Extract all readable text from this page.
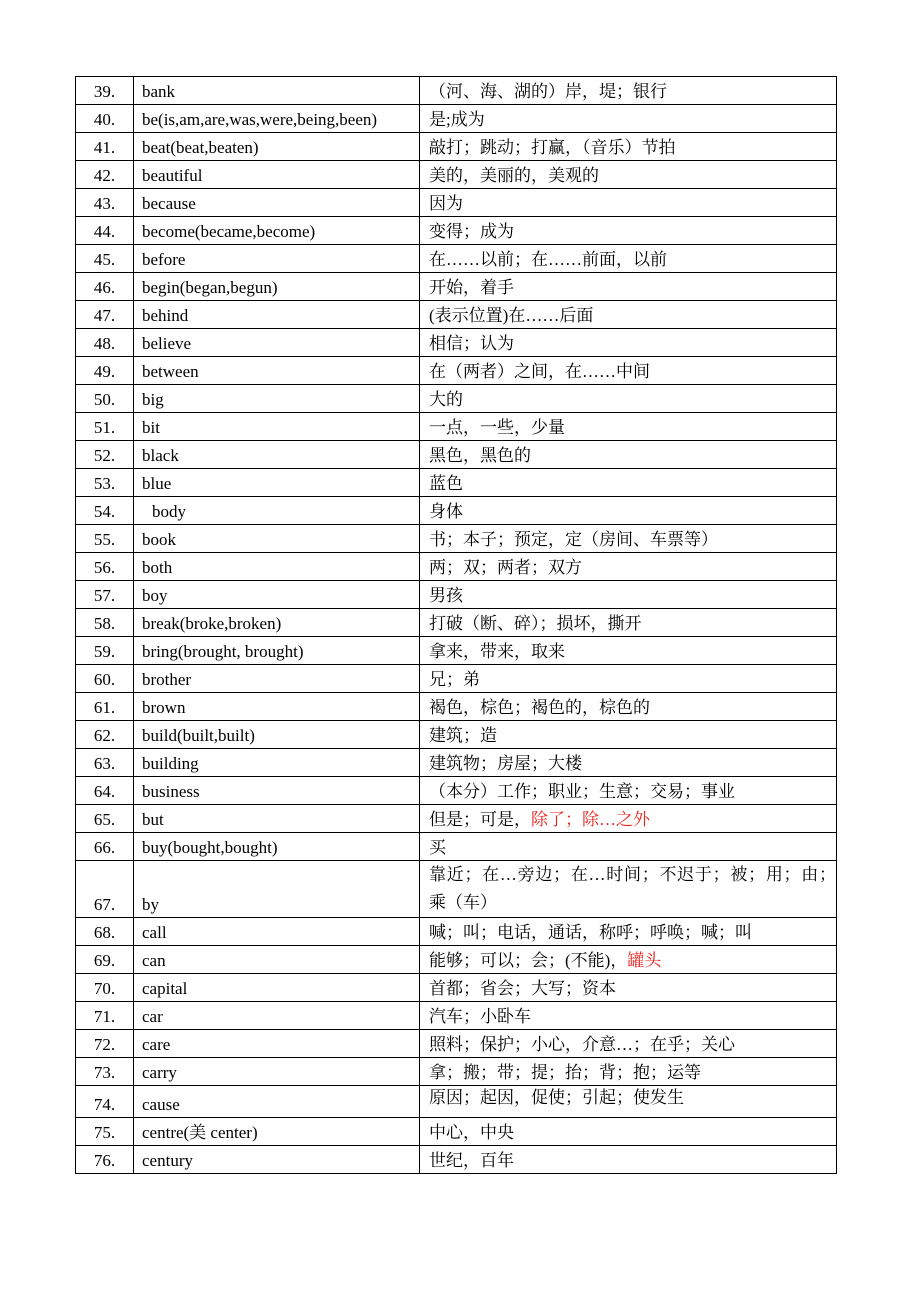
39.	bank	（河、海、湖的）岸，堤；银行
40.	be(is,am,are,was,were,being,been)	是;成为
41.	beat(beat,beaten)	敲打；跳动；打赢，（音乐）节拍
42.	beautiful	美的，美丽的，美观的
43.	because	因为
44.	become(became,become)	变得；成为
45.	before	在……以前；在……前面，以前
46.	begin(began,begun)	开始，着手
47.	behind	(表示位置)在……后面
48.	believe	相信；认为
49.	between	在（两者）之间，在……中间
50.	big	大的
51.	bit	一点，一些，少量
52.	black	黑色，黑色的
53.	blue	蓝色
54.	body	身体
55.	book	书；本子；预定，定（房间、车票等）
56.	both	两；双；两者；双方
57.	boy	男孩
58.	break(broke,broken)	打破（断、碎）；损坏，撕开
59.	bring(brought, brought)	拿来，带来，取来
60.	brother	兄；弟
61.	brown	褐色，棕色；褐色的，棕色的
62.	build(built,built)	建筑；造
63.	building	建筑物；房屋；大楼
64.	business	（本分）工作；职业；生意；交易；事业
65.	but	但是；可是，除了；除…之外
66.	buy(bought,bought)	买
67.	by	靠近；在…旁边；在…时间；不迟于；被；用；由；乘（车）
68.	call	喊；叫；电话，通话，称呼；呼唤；喊；叫
69.	can	能够；可以；会；(不能)，罐头
70.	capital	首都；省会；大写；资本
71.	car	汽车；小卧车
72.	care	照料；保护；小心，介意…；在乎；关心
73.	carry	拿；搬；带；提；抬；背；抱；运等
74.	cause	原因；起因，促使；引起；使发生
75.	centre(美 center)	中心，中央
76.	century	世纪，百年
